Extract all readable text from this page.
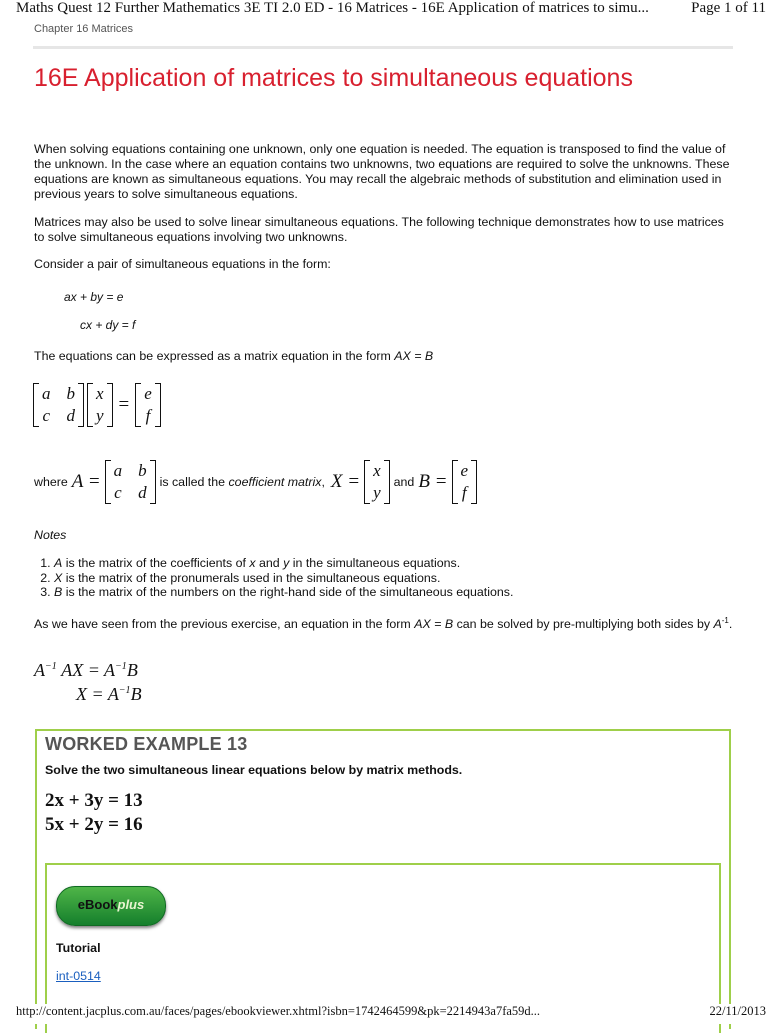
Maths Quest 12 Further Mathematics 3E TI 2.0 ED - 16 Matrices - 16E Application of matrices to simu...	Page 1 of 11
Chapter 16 Matrices
16E Application of matrices to simultaneous equations

When solving equations containing one unknown, only one equation is needed. The equation is transposed to find the value of the unknown. In the case where an equation contains two unknowns, two equations are required to solve the unknowns. These equations are known as simultaneous equations. You may recall the algebraic methods of substitution and elimination used in previous years to solve simultaneous equations.

Matrices may also be used to solve linear simultaneous equations. The following technique demonstrates how to use matrices to solve simultaneous equations involving two unknowns.

Consider a pair of simultaneous equations in the form:

ax + by = e
cx + dy = f

The equations can be expressed as a matrix equation in the form AX = B

a	b
c	d
x
y
=
e
f
where A =
a	b
c	d
is called the
coefficient matrix , X =
x
y
and B =
e
f
Notes
1. A is the matrix of the coefficients of x and y in the simultaneous equations.
2. X is the matrix of the pronumerals used in the simultaneous equations.
3. B is the matrix of the numbers on the right-hand side of the simultaneous equations.

As we have seen from the previous exercise, an equation in the form AX = B can be solved by pre-multiplying both sides by $A^{-1}$.

$A^{-1}$ AX = $A^{-1}B$
$X = A^{-1}B$
WORKED EXAMPLE 13
Solve the two simultaneous linear equations below by matrix methods.
2x + 3y = 13
5x + 2y = 16
eBookplus
Tutorial
int-0514
http://content.jacplus.com.au/faces/pages/ebookviewer.xhtml?isbn=1742464599&pk=2214943a7fa59d...	22/11/2013
